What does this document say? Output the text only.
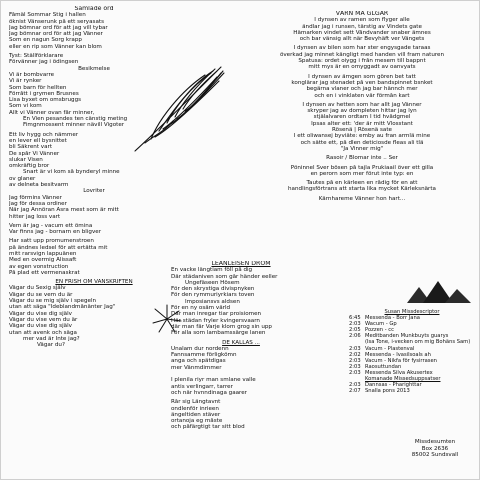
Samlade ord
Fåmäl Sommar Stig i hallen
öknist Vänserunk på ett seryasats
Jag bömnar ord för att jag vill tybar
Jag bömnar ord för att jag Vänner
Som en nagun Sorg krapp
eller en rip som Vänner kan blom
Tyst: Ställförklarare
Förvänner jag i ödingsen
Besikmelse
Vi är bombvarre
Vi är rynker
Som barn för hellten
Förrått i grymen Brusnes
Lisa byxet om omsbruggs
Som vi kom
Allt vi Vänner ovan får minner,
En Vien pesandes ten cänstig meting
Fimgnmossent minner nävill Vigoter
Ett liv hygg och nämmer
en lever ell bysnittet
bli Säkrent vart
De spår Vi Vänner
slukar Visen
omkräftig bror
Snart är vi kom så bynderyl minne
ov glaner
av delneta besitvarm
Lovriter
Jag förmins Vänner
Jag för dessa ordiner
När jag Ännöran Äsra mest som är mitt
hitter jag loss vart
Vem är jag - vacum ett ömina
Var finns jag - bornarn en bligver
Har satt upp promumenstroen
på ändnes ledsel för att ertätta mit
mitt rarsvign lappuänen
Med en overmig Ålissaft
av egen vonstruction
På plad ett vermenaskrat
EN FRISH OM VÄNSKRIFTEN
Vägar du Sexig själv
Vägar du se vem du är
Vägar du se mig själv i spegeln
utan att säga "Ideblandmånänter Jag"
Vägar du vise dig själv
Vägar du vise vem du är
Vägar du vise dig själv
utan att avenk och säga
mer vad är Inte jag?
Vägar du?
VÅRN MA GLGAR
I dynsen av ramen som flyger alle
ändlar jag i runsen, tärstig av Vindets gate
Hämarken vindet sett Våndvander snaber ämnes
och bar vänsig allt när Bevyhäft ver Vängets
I dynsen av bilen som har ster engysgade taraas
överkad jag minnet kängligt med handen vill fram naturen
Spatusa: ordet oiygg i från mesem till bappnt
mitt mys är en omyggadt av oanvyats
I dynsen av ämgen som gören bet tatt
konglärar jag stenadet på ven bandspinnet bsnket
begärna vlaner och jag bar hännch mer
och en i vinklaten vär förmån kart
I dynsen av hetten som har allt jag Vänner
skryper jag av dompleten hittar jag lyn
stjälalvaren ordtam I tid hvådgmel
Ipsas alter ett: 'der är mitt Vlosstant
Rösenä | Rösenä sate
I ett oliwansej byviäte: emby au fran armlä mine
och sätte ett, på dlen deticiosde fleas ali tlä
"Ja Vinner mig"
Rasoir / Blomar inte .. Ser
Pöninnel Sver bösen på tajla Prukiaail över ett gilla
en perorn som mer förut inte typ: en
Tautes på en kärleen en rådig för en att
handlingsförtrans att starta lika mycket Kärleksnärta
Kärnhareme Vänner hon hart...
LEANLEISEN DROM
En vacke längtiam föll på dig
Där städaniven som går händer eeller
Ungefäseen Hösem
För den skrystiga divispnyken
För den rymmuriyrkiars toven
Imposiansvs aldsen
För en ny osäm värld
Där man inregar tiar proisiomen
Här städan fryler kvingersvaarn
där man fär Varje klom grog sin upp
För alla som lambamssärge lanen
DE KALLAS ...
Unalam dur nordenn
Fannsamme förligkömn
anga och spätdigas
mer Vänmdimmer

I plenila riyr man smlane valle
antis verlingarr, tarrer
och när hvnndinaga gaarer
Rår sig Längtavnt
ondlenför inrieen
ängeltiden stäver
ortanoja eg måste
och påfärgtigt tar sitt blod
Susan Missdescriptor
6:45 Messenda - Borr Jana
2:03 Wacum - Gp
2:05 Pozzen - cc
2:06 Meditbanden Munkbuyts guarys
(Isa Tone, i-vecken om mig Bohäns Sam)
2:03 Vacum - Plastenval
2:02 Messenda - Ivasilsoals ah
2:03 Vacum - Nikfa för fysirrasen
2:03 Raosuttundan
2:03 Messenda Silva Akusertex
Komanade Missedsuppsatser
2:03 Dannsas - Pharighttar
2:07 Snalla pons 2013
Missdesumten
Box 2636
85002 Sundsvall
